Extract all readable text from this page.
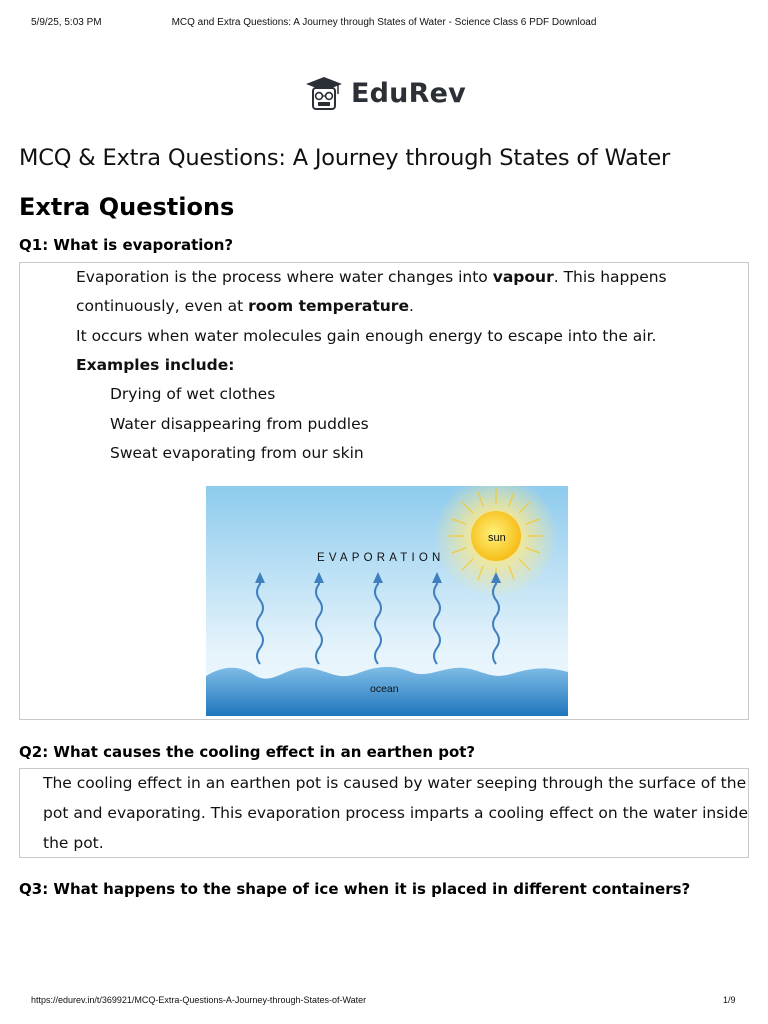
5/9/25, 5:03 PM	MCQ and Extra Questions: A Journey through States of Water - Science Class 6 PDF Download
EduRev
MCQ & Extra Questions: A Journey through States of Water
Extra Questions
Q1: What is evaporation?
Evaporation is the process where water changes into vapour. This happens
continuously, even at room temperature.
It occurs when water molecules gain enough energy to escape into the air.
Examples include:
Drying of wet clothes
Water disappearing from puddles
Sweat evaporating from our skin
EVAPORATION
sun
ocean
Q2: What causes the cooling effect in an earthen pot?
The cooling effect in an earthen pot is caused by water seeping through the surface of the
pot and evaporating. This evaporation process imparts a cooling effect on the water inside
the pot.
Q3: What happens to the shape of ice when it is placed in different containers?
https://edurev.in/t/369921/MCQ-Extra-Questions-A-Journey-through-States-of-Water	1/9
